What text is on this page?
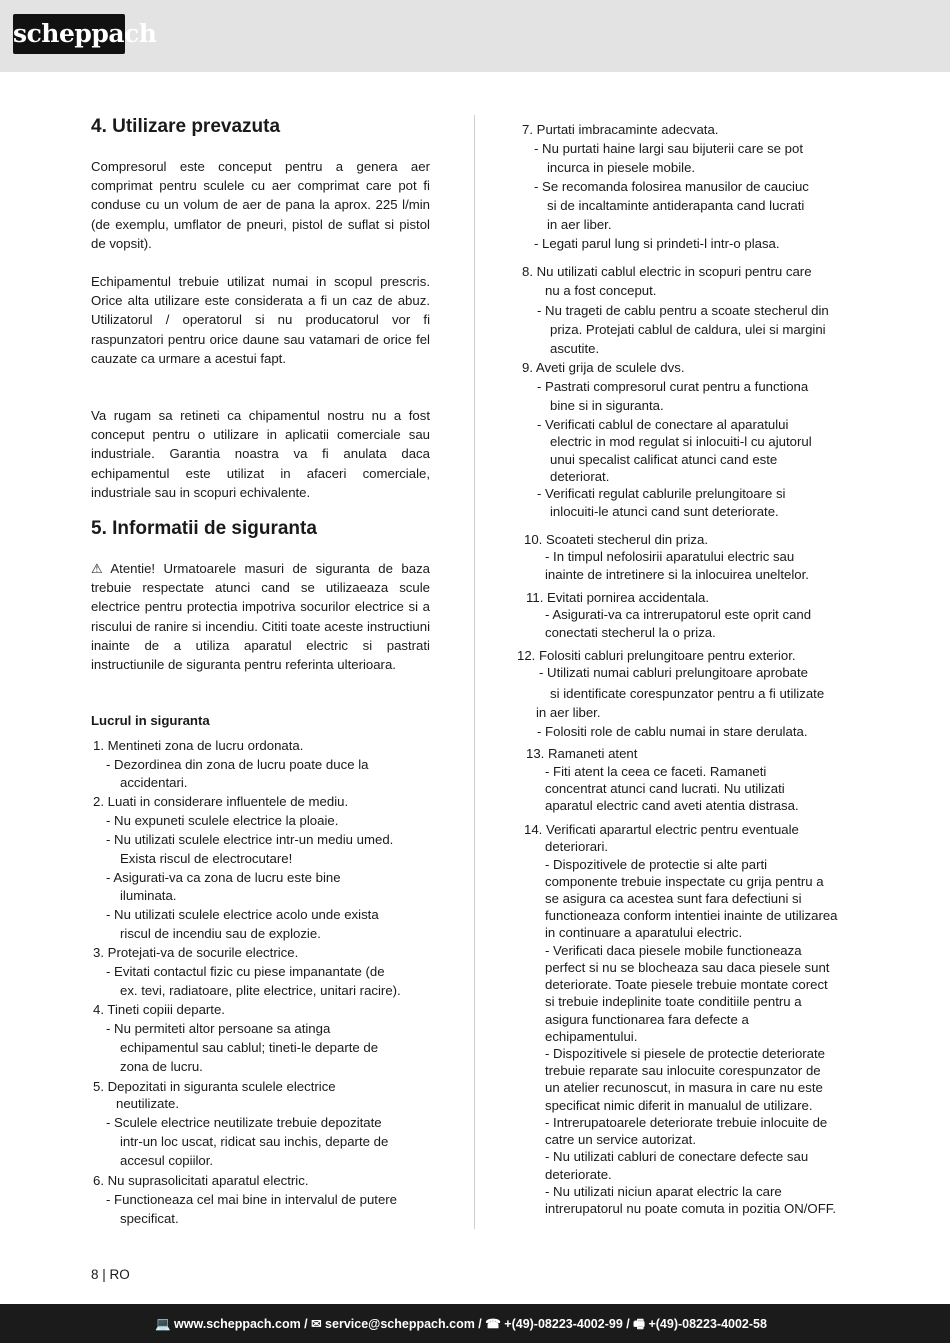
scheppach
4. Utilizare prevazuta

Compresorul este conceput pentru a genera aer comprimat pentru sculele cu aer comprimat care pot fi conduse cu un volum de aer de pana la aprox. 225 l/min (de exemplu, umflator de pneuri, pistol de suflat si pistol de vopsit).

Echipamentul trebuie utilizat numai in scopul prescris. Orice alta utilizare este considerata a fi un caz de abuz. Utilizatorul / operatorul si nu producatorul vor fi raspunzatori pentru orice daune sau vatamari de orice fel cauzate ca urmare a acestui fapt.

Va rugam sa retineti ca chipamentul nostru nu a fost conceput pentru o utilizare in aplicatii comerciale sau industriale. Garantia noastra va fi anulata daca echipamentul este utilizat in afaceri comerciale, industriale sau in scopuri echivalente.

5. Informatii de siguranta

⚠ Atentie! Urmatoarele masuri de siguranta de baza trebuie respectate atunci cand se utilizaeaza scule electrice pentru protectia impotriva socurilor electrice si a riscului de ranire si incendiu. Cititi toate aceste instructiuni inainte de a utiliza aparatul electric si pastrati instructiunile de siguranta pentru referinta ulterioara.

Lucrul in siguranta
1. Mentineti zona de lucru ordonata.
- Dezordinea din zona de lucru poate duce la
accidentari.
2. Luati in considerare influentele de mediu.
- Nu expuneti sculele electrice la ploaie.
- Nu utilizati sculele electrice intr-un mediu umed.
Exista riscul de electrocutare!
- Asigurati-va ca zona de lucru este bine
iluminata.
- Nu utilizati sculele electrice acolo unde exista
riscul de incendiu sau de explozie.
3. Protejati-va de socurile electrice.
- Evitati contactul fizic cu piese impanantate (de
ex. tevi, radiatoare, plite electrice, unitari racire).
4. Tineti copiii departe.
- Nu permiteti altor persoane sa atinga
echipamentul sau cablul; tineti-le departe de
zona de lucru.
5. Depozitati in siguranta sculele electrice
neutilizate.
- Sculele electrice neutilizate trebuie depozitate
intr-un loc uscat, ridicat sau inchis, departe de
accesul copiilor.
6. Nu suprasolicitati aparatul electric.
- Functioneaza cel mai bine in intervalul de putere
specificat.
7. Purtati imbracaminte adecvata.
- Nu purtati haine largi sau bijuterii care se pot
incurca in piesele mobile.
- Se recomanda folosirea manusilor de cauciuc
si de incaltaminte antiderapanta cand lucrati
in aer liber.
- Legati parul lung si prindeti-l intr-o plasa.
8. Nu utilizati cablul electric in scopuri pentru care
nu a fost conceput.
- Nu trageti de cablu pentru a scoate stecherul din
priza. Protejati cablul de caldura, ulei si margini
ascutite.
9. Aveti grija de sculele dvs.
- Pastrati compresorul curat pentru a functiona
bine si in siguranta.
- Verificati cablul de conectare al aparatului
electric in mod regulat si inlocuiti-l cu ajutorul
unui specalist calificat atunci cand este
deteriorat.
- Verificati regulat cablurile prelungitoare si
inlocuiti-le atunci cand sunt deteriorate.
10. Scoateti stecherul din priza.
- In timpul nefolosirii aparatului electric sau
inainte de intretinere si la inlocuirea uneltelor.
11. Evitati pornirea accidentala.
- Asigurati-va ca intrerupatorul este oprit cand
conectati stecherul la o priza.
12. Folositi cabluri prelungitoare pentru exterior.
- Utilizati numai cabluri prelungitoare aprobate
si identificate corespunzator pentru a fi utilizate
in aer liber.
- Folositi role de cablu numai in stare derulata.
13. Ramaneti atent
- Fiti atent la ceea ce faceti. Ramaneti
concentrat atunci cand lucrati. Nu utilizati
aparatul electric cand aveti atentia distrasa.
14. Verificati aparartul electric pentru eventuale
deteriorari.
- Dispozitivele de protectie si alte parti
componente trebuie inspectate cu grija pentru a
se asigura ca acestea sunt fara defectiuni si
functioneaza conform intentiei inainte de utilizarea
in continuare a aparatului electric.
- Verificati daca piesele mobile functioneaza
perfect si nu se blocheaza sau daca piesele sunt
deteriorate. Toate piesele trebuie montate corect
si trebuie indeplinite toate conditiile pentru a
asigura functionarea fara defecte a
echipamentului.
- Dispozitivele si piesele de protectie deteriorate
trebuie reparate sau inlocuite corespunzator de
un atelier recunoscut, in masura in care nu este
specificat nimic diferit in manualul de utilizare.
- Intrerupatoarele deteriorate trebuie inlocuite de
catre un service autorizat.
- Nu utilizati cabluri de conectare defecte sau
deteriorate.
- Nu utilizati niciun aparat electric la care
intrerupatorul nu poate comuta in pozitia ON/OFF.
8 | RO
💻 www.scheppach.com / ✉ service@scheppach.com / ☎ +(49)-08223-4002-99 / 🖷 +(49)-08223-4002-58
